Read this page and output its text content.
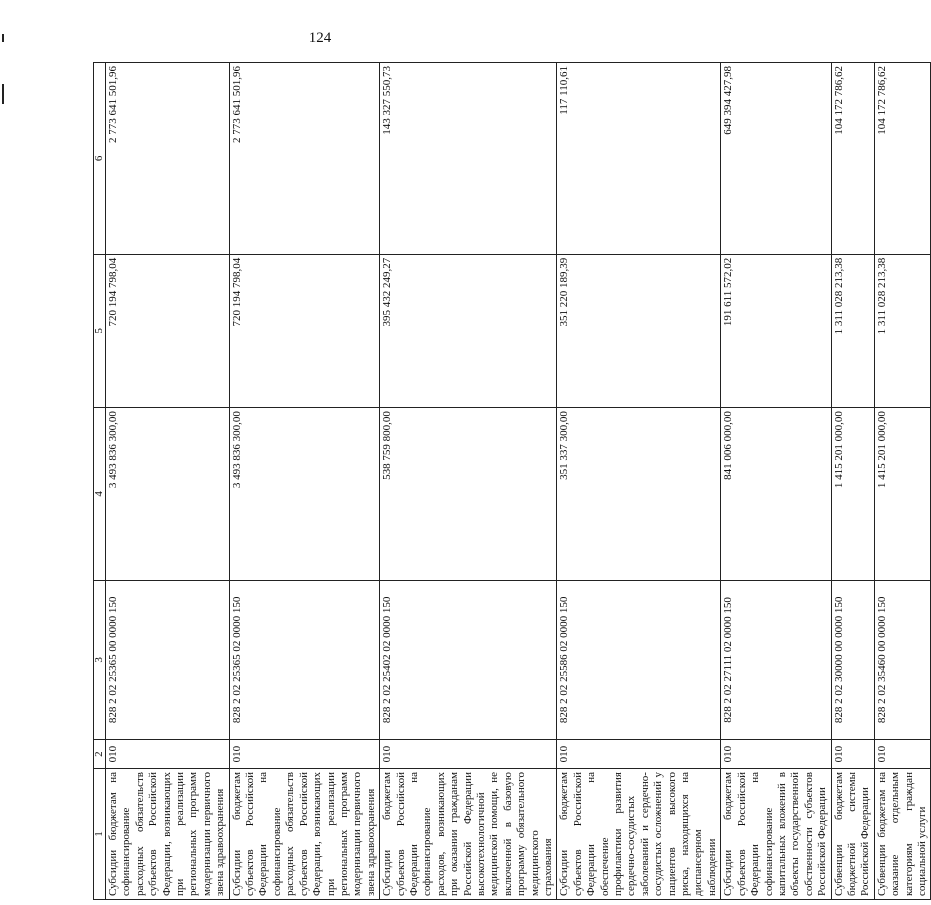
124
1	2	3	4	5	6
Субсидии бюджетам на софинансирование расходных обязательств субъектов Российской Федерации, возникающих при реализации региональных программ модернизации первичного звена здравоохранения	010	828 2 02 25365 00 0000 150	3 493 836 300,00	720 194 798,04	2 773 641 501,96
Субсидии бюджетам субъектов Российской Федерации на софинансирование расходных обязательств субъектов Российской Федерации, возникающих при реализации региональных программ модернизации первичного звена здравоохранения	010	828 2 02 25365 02 0000 150	3 493 836 300,00	720 194 798,04	2 773 641 501,96
Субсидии бюджетам субъектов Российской Федерации на софинансирование расходов, возникающих при оказании гражданам Российской Федерации высокотехнологичной медицинской помощи, не включенной в базовую программу обязательного медицинского страхования	010	828 2 02 25402 02 0000 150	538 759 800,00	395 432 249,27	143 327 550,73
Субсидии бюджетам субъектов Российской Федерации на обеспечение профилактики развития сердечно-сосудистых заболеваний и сердечно-сосудистых осложнений у пациентов высокого риска, находящихся на диспансерном наблюдении	010	828 2 02 25586 02 0000 150	351 337 300,00	351 220 189,39	117 110,61
Субсидии бюджетам субъектов Российской Федерации на софинансирование капитальных вложений в объекты государственной собственности субъектов Российской Федерации	010	828 2 02 27111 02 0000 150	841 006 000,00	191 611 572,02	649 394 427,98
Субвенции бюджетам бюджетной системы Российской Федерации	010	828 2 02 30000 00 0000 150	1 415 201 000,00	1 311 028 213,38	104 172 786,62
Субвенции бюджетам на оказание отдельным категориям граждан социальной услуги	010	828 2 02 35460 00 0000 150	1 415 201 000,00	1 311 028 213,38	104 172 786,62
